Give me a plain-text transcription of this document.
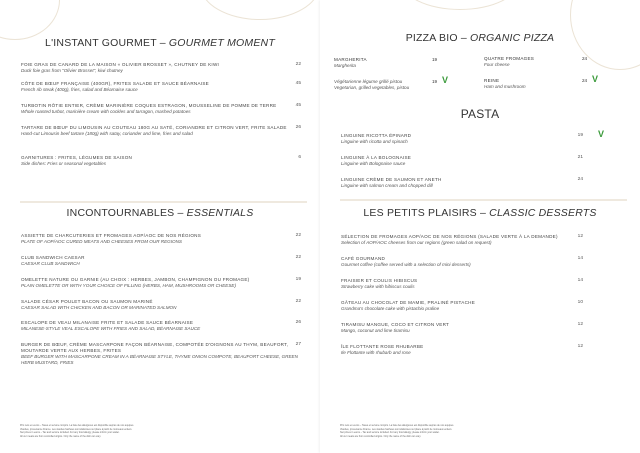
L'INSTANT GOURMET – GOURMET MOMENT
FOIE GRAS DE CANARD DE LA MAISON « OLIVIER BROSSET », CHUTNEY DE KIWI
Duck foie gras from "Olivier Brosset", kiwi chutney
22
CÔTE DE BŒUF FRANÇAISE (400GR), FRITES SALADE ET SAUCE BÉARNAISE
French rib steak (400g), fries, salad and Béarnaise sauce
45
TURBOTIN RÔTIE ENTIER, CRÈME MARINIÈRE COQUES ESTRAGON, MOUSSELINE DE POMME DE TERRE
Whole roasted turbot, marinière cream with cockles and tarragon, mashed potatoes
45
TARTARE DE BŒUF DU LIMOUSIN AU COUTEAU 180G AU SATÉ, CORIANDRE ET CITRON VERT, FRITE SALADE
Hand-cut Limousin beef tartare (180g) with satay, coriander and lime, fries and salad
26
GARNITURES : FRITES, LÉGUMES DE SAISON
Side dishes: Fries or seasonal vegetables
6
INCONTOURNABLES – ESSENTIALS
ASSIETTE DE CHARCUTERIES ET FROMAGES AOP/AOC DE NOS RÉGIONS
PLATE OF AOP/AOC CURED MEATS AND CHEESES FROM OUR REGIONS
22
CLUB SANDWICH CAESAR
CAESAR CLUB SANDWICH
22
OMELETTE NATURE OU GARNIE (AU CHOIX : HERBES, JAMBON, CHAMPIGNON OU FROMAGE)
PLAIN OMELETTE OR WITH YOUR CHOICE OF FILLING (HERBS, HAM, MUSHROOMS OR CHEESE)
19
SALADE CÉSAR POULET BACON OU SAUMON MARINÉ
CAESAR SALAD WITH CHICKEN AND BACON OR MARINATED SALMON
22
ESCALOPE DE VEAU MILANAISE FRITE ET SALADE SAUCE BÉARNAISE
MILANESE-STYLE VEAL ESCALOPE WITH FRIES AND SALAD, BÉARNAISE SAUCE
26
BURGER DE BŒUF, CRÈME MASCARPONE FAÇON BÉARNAISE, COMPOTÉE D'OIGNONS AU THYM, BEAUFORT, MOUTARDE VERTE AUX HERBES, FRITES
BEEF BURGER WITH MASCARPONE CREAM IN A BÉARNAISE STYLE, THYME ONION COMPOTE, BEAUFORT CHEESE, GREEN HERB MUSTARD, FRIES
27
Prix nets en euros – Taxes et service compris. La liste des allergènes est disponible auprès de nos équipes.
Viandes, provenance France. Les viandes hachées sont élaborées sur place à partir de morceaux entiers.
Net prices in euros – Tax and service included. For any food allergy, please inform your waiter.
All our meats are from controlled origins. Only the name of the dish can vary.
PIZZA BIO – ORGANIC PIZZA
MARGHERITA
Margherita
19	QUATRE FROMAGES
Four cheese
24
Végétarienne légume grillé pistou Vegetarian, grilled vegetables, pistou
19 V	REINE
Ham and mushroom
24 V
PASTA
LINGUINE RICOTTA ÉPINARD
Linguine with ricotta and spinach
19 V
LINGUINE À LA BOLOGNAISE
Linguine with Bolognaise sauce
21
LINGUINE CRÈME DE SAUMON ET ANETH
Linguine with salmon cream and chopped dill
24
LES PETITS PLAISIRS – CLASSIC DESSERTS
SÉLECTION DE FROMAGES AOP/AOC DE NOS RÉGIONS (SALADE VERTE À LA DEMANDE)
Selection of AOP/AOC cheeses from our regions (green salad on request)
12
CAFÉ GOURMAND
Gourmet coffee (coffee served with a selection of mini desserts)
14
FRAISIER ET COULIS HIBISCUS
Strawberry cake with hibiscus coulis
14
GÂTEAU AU CHOCOLAT DE MAMIE, PRALINÉ PISTACHE
Grandma's chocolate cake with pistachio praline
10
TIRAMISU MANGUE, COCO ET CITRON VERT
Mango, coconut and lime tiramisu
12
ÎLE FLOTTANTE ROSE RHUBARBE
Ile Flottante with rhubarb and rose
12
Prix nets en euros – Taxes et service compris. La liste des allergènes est disponible auprès de nos équipes.
Viandes, provenance France. Les viandes hachées sont élaborées sur place à partir de morceaux entiers.
Net prices in euros – Tax and service included. For any food allergy, please inform your waiter.
All our meats are from controlled origins. Only the name of the dish can vary.
